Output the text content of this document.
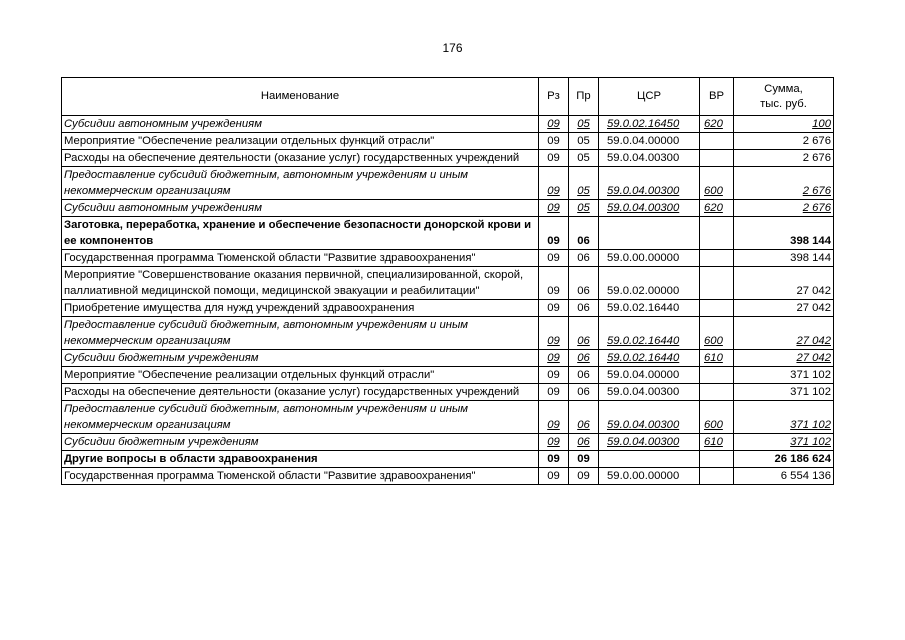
176
Наименование	Рз	Пр	ЦСР	ВР	Сумма,
тыс. руб.
Субсидии автономным учреждениям	09	05	59.0.02.16450	620	100
Мероприятие "Обеспечение реализации отдельных функций отрасли"	09	05	59.0.04.00000		2 676
Расходы на обеспечение деятельности (оказание услуг) государственных учреждений	09	05	59.0.04.00300		2 676
Предоставление субсидий бюджетным, автономным учреждениям и иным некоммерческим организациям	09	05	59.0.04.00300	600	2 676
Субсидии автономным учреждениям	09	05	59.0.04.00300	620	2 676
Заготовка, переработка, хранение и обеспечение безопасности донорской крови и ее компонентов	09	06			398 144
Государственная программа Тюменской области "Развитие здравоохранения"	09	06	59.0.00.00000		398 144
Мероприятие "Совершенствование оказания первичной, специализированной, скорой, паллиативной медицинской помощи, медицинской эвакуации и реабилитации"	09	06	59.0.02.00000		27 042
Приобретение имущества для нужд учреждений здравоохранения	09	06	59.0.02.16440		27 042
Предоставление субсидий бюджетным, автономным учреждениям и иным некоммерческим организациям	09	06	59.0.02.16440	600	27 042
Субсидии бюджетным учреждениям	09	06	59.0.02.16440	610	27 042
Мероприятие "Обеспечение реализации отдельных функций отрасли"	09	06	59.0.04.00000		371 102
Расходы на обеспечение деятельности (оказание услуг) государственных учреждений	09	06	59.0.04.00300		371 102
Предоставление субсидий бюджетным, автономным учреждениям и иным некоммерческим организациям	09	06	59.0.04.00300	600	371 102
Субсидии бюджетным учреждениям	09	06	59.0.04.00300	610	371 102
Другие вопросы в области здравоохранения	09	09			26 186 624
Государственная программа Тюменской области "Развитие здравоохранения"	09	09	59.0.00.00000		6 554 136
